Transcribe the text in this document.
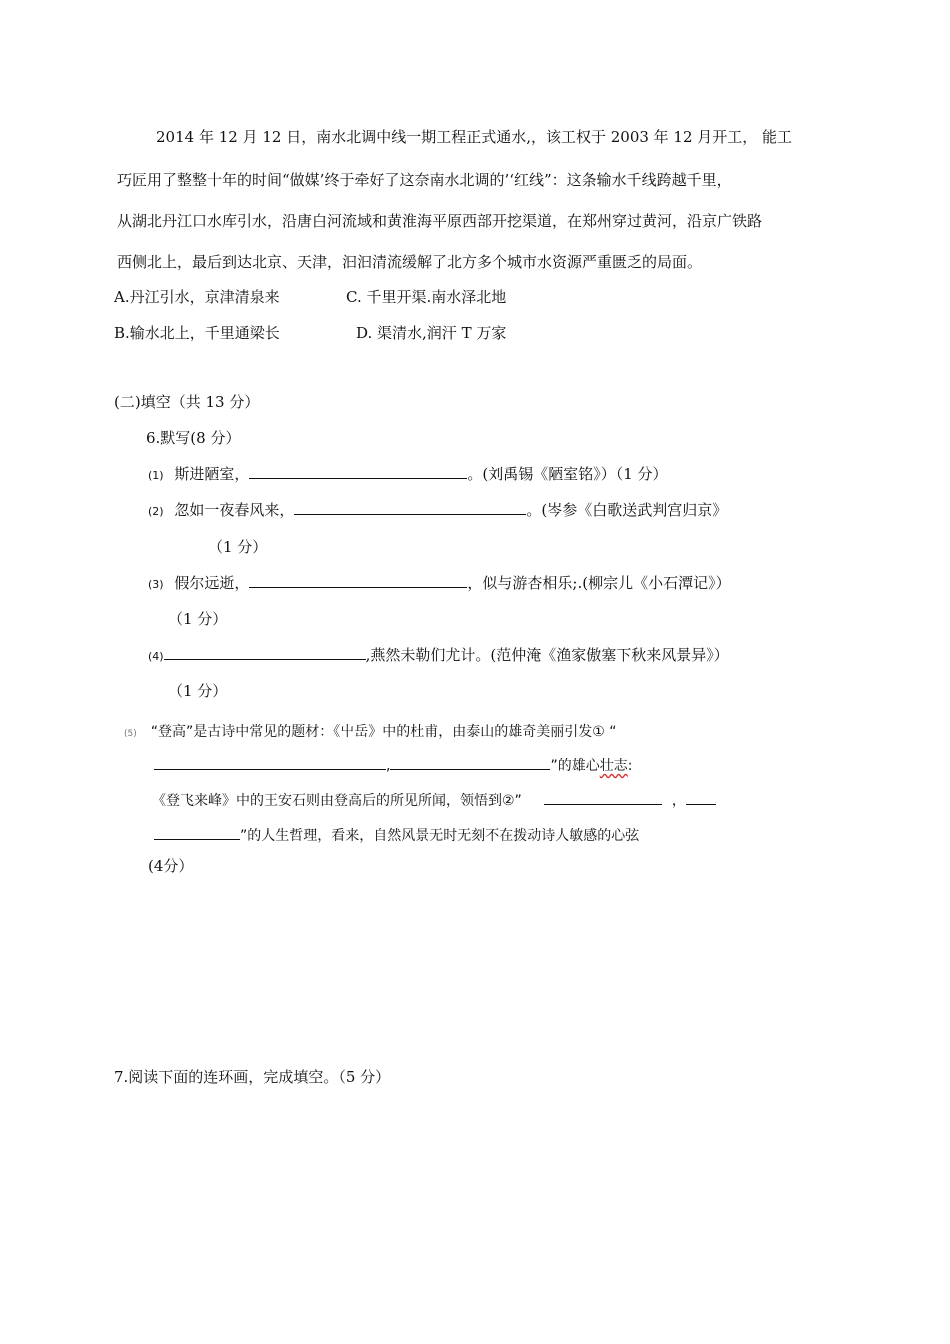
2014 年 12 月 12 日，南水北调中线一期工程正式通水,，该工权于 2003 年 12 月开工， 能工
巧匠用了整整十年的时间“做媒’终于牵好了这奈南水北调的’‘红线”：这条输水千线跨越千里，
从湖北丹江口水库引水，沿唐白河流域和黄淮海平原西部开挖渠道，在郑州穿过黄河，沿京广铁路
西侧北上，最后到达北京、天津，汩汩清流缓解了北方多个城市水资源严重匮乏的局面。
A.丹江引水，京津清泉来	C. 千里开渠.南水泽北地
B.输水北上，千里通梁长	D. 渠清水,润汗 T 万家
(二)填空（共 13 分）
6.默写(8 分）
(1) 斯进陋室，	。(刘禹锡《陋室铭》）（1 分）
(2) 忽如一夜春风来，	。(岑参《白歌送武判宫归京》
（1 分）
(3) 假尔远逝，	，似与游杏相乐;.(柳宗儿《小石潭记》）
（1 分）
(4)	,燕然未勒们尤计。(范仲淹《渔家傲塞下秋来风景异》）
（1 分）
(5) “登高”是古诗中常见的题材：《屮岳》中的杜甫，由泰山的雄奇美丽引发① “
,	”的雄心壮志:
《登飞来峰》中的王安石则由登高后的所见所闻，领悟到②”	，
”的人生哲理，看来，自然风景无时无刻不在拨动诗人敏感的心弦
(4分）
7.阅读下面的连环画，完成填空。（5 分）
